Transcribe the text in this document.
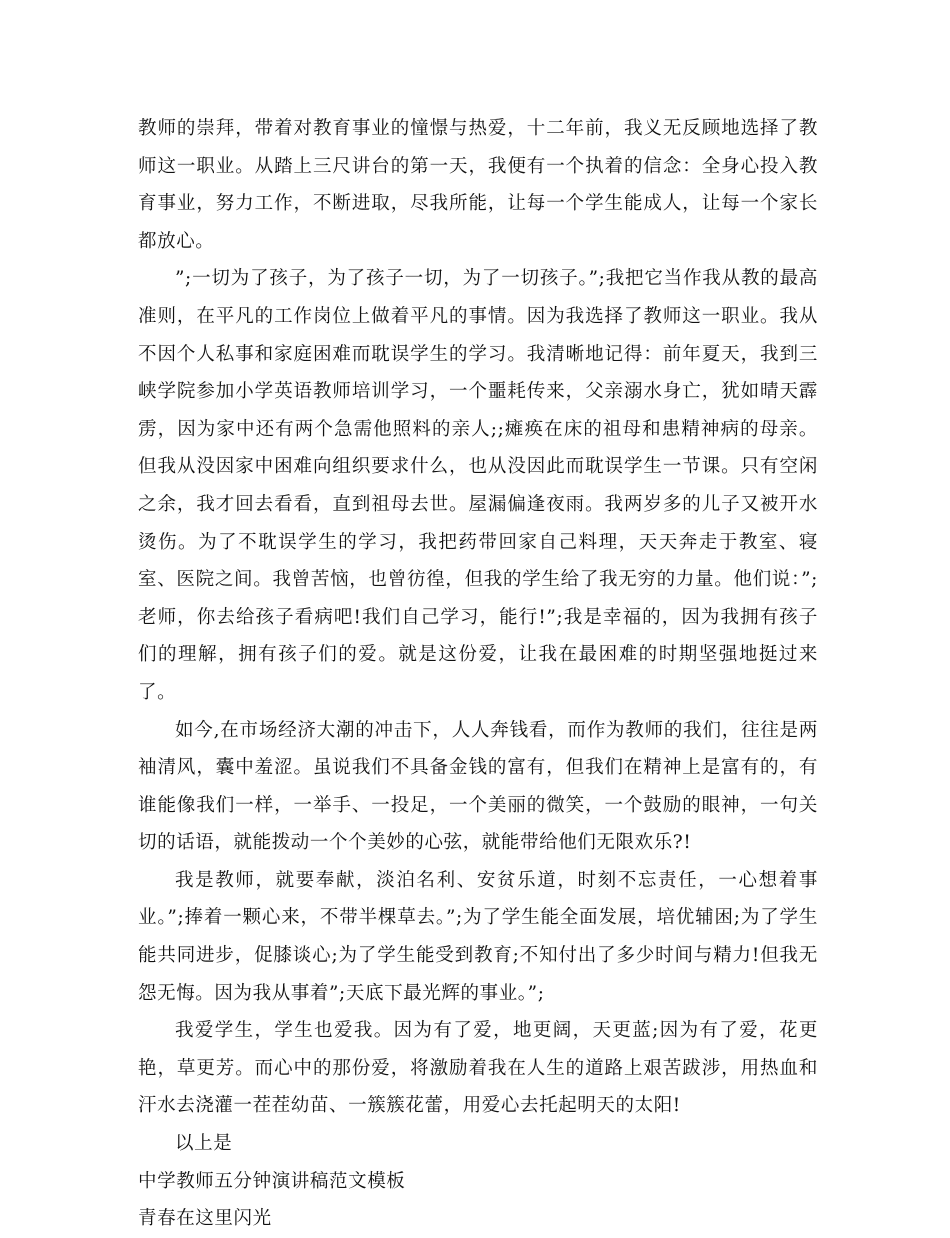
教师的崇拜，带着对教育事业的憧憬与热爱，十二年前，我义无反顾地选择了教师这一职业。从踏上三尺讲台的第一天，我便有一个执着的信念：全身心投入教育事业，努力工作，不断进取，尽我所能，让每一个学生能成人，让每一个家长都放心。

”;一切为了孩子，为了孩子一切，为了一切孩子。”;我把它当作我从教的最高准则，在平凡的工作岗位上做着平凡的事情。因为我选择了教师这一职业。我从不因个人私事和家庭困难而耽误学生的学习。我清晰地记得：前年夏天，我到三峡学院参加小学英语教师培训学习，一个噩耗传来，父亲溺水身亡，犹如晴天霹雳，因为家中还有两个急需他照料的亲人;;瘫痪在床的祖母和患精神病的母亲。但我从没因家中困难向组织要求什么，也从没因此而耽误学生一节课。只有空闲之余，我才回去看看，直到祖母去世。屋漏偏逢夜雨。我两岁多的儿子又被开水烫伤。为了不耽误学生的学习，我把药带回家自己料理，天天奔走于教室、寝室、医院之间。我曾苦恼，也曾彷徨，但我的学生给了我无穷的力量。他们说：”;老师，你去给孩子看病吧!我们自己学习，能行!”;我是幸福的，因为我拥有孩子们的理解，拥有孩子们的爱。就是这份爱，让我在最困难的时期坚强地挺过来了。

如今,在市场经济大潮的冲击下，人人奔钱看，而作为教师的我们，往往是两袖清风，囊中羞涩。虽说我们不具备金钱的富有，但我们在精神上是富有的，有谁能像我们一样，一举手、一投足，一个美丽的微笑，一个鼓励的眼神，一句关切的话语，就能拨动一个个美妙的心弦，就能带给他们无限欢乐?!

我是教师，就要奉献，淡泊名利、安贫乐道，时刻不忘责任，一心想着事业。”;捧着一颗心来，不带半棵草去。”;为了学生能全面发展，培优辅困;为了学生能共同进步，促膝谈心;为了学生能受到教育;不知付出了多少时间与精力!但我无怨无悔。因为我从事着”;天底下最光辉的事业。”;

我爱学生，学生也爱我。因为有了爱，地更阔，天更蓝;因为有了爱，花更艳，草更芳。而心中的那份爱，将激励着我在人生的道路上艰苦跋涉，用热血和汗水去浇灌一茬茬幼苗、一簇簇花蕾，用爱心去托起明天的太阳!

以上是

中学教师五分钟演讲稿范文模板

青春在这里闪光
